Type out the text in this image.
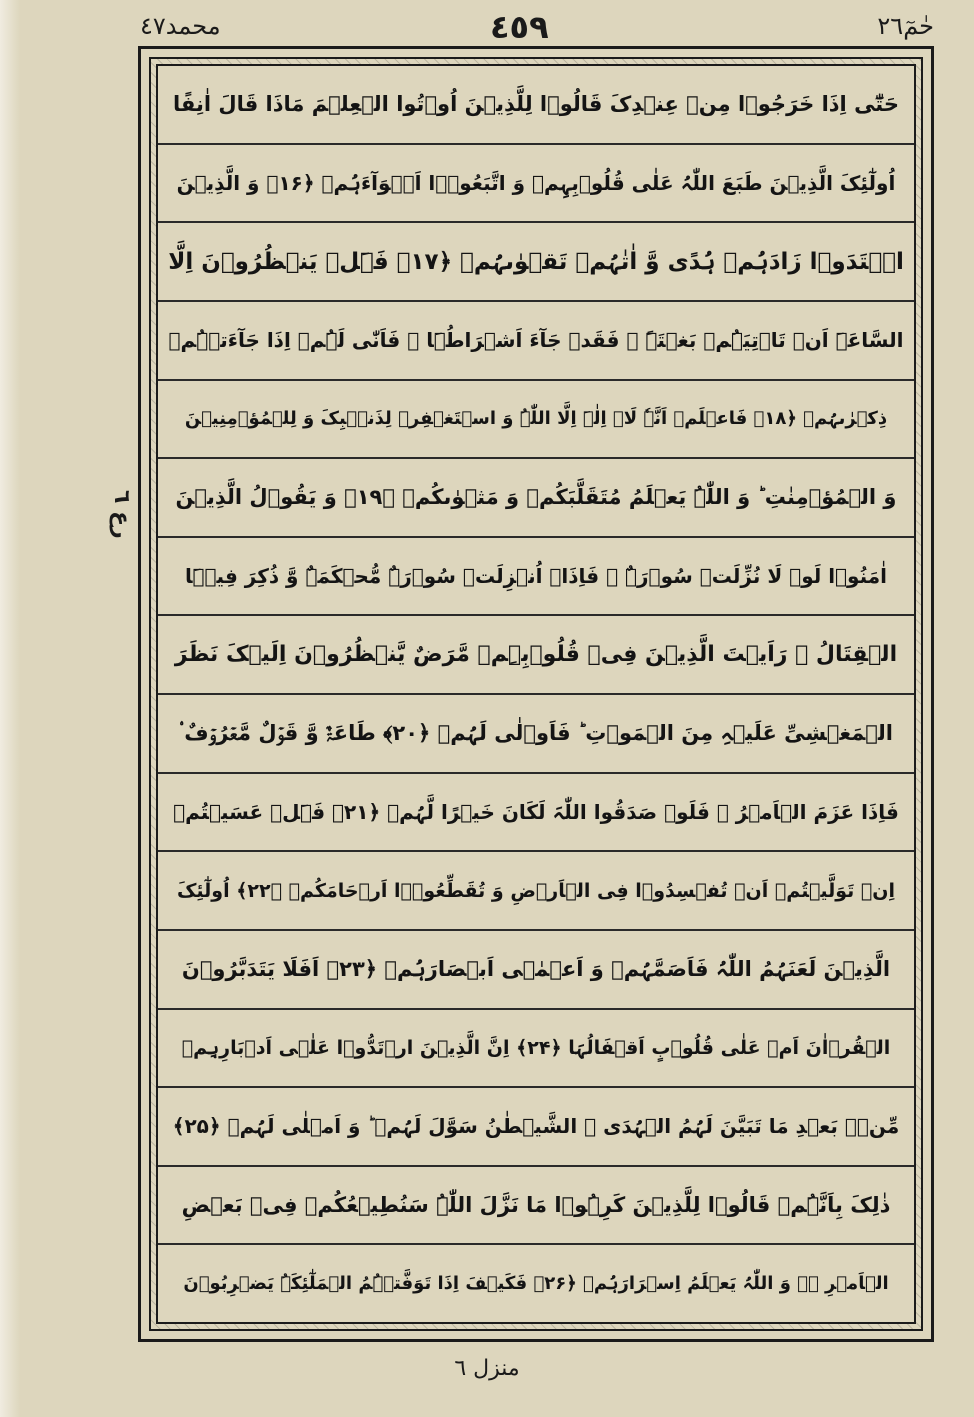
محمد٤٧	٤٥٩	حٰمٓ٢٦
رع ٦
حَتّٰٓی اِذَا خَرَجُوۡا مِنۡ عِنۡدِکَ قَالُوۡا لِلَّذِیۡنَ اُوۡتُوا الۡعِلۡمَ مَاذَا قَالَ اٰنِفًا
اُولٰٓئِکَ الَّذِیۡنَ طَبَعَ اللّٰہُ عَلٰی قُلُوۡبِہِمۡ وَ اتَّبَعُوۡۤا اَہۡوَآءَہُمۡ ﴿۱۶﴾ وَ الَّذِیۡنَ
اہۡتَدَوۡا زَادَہُمۡ ہُدًی وَّ اٰتٰہُمۡ تَقۡوٰىہُمۡ ﴿۱۷﴾ فَہَلۡ یَنۡظُرُوۡنَ اِلَّا
السَّاعَۃَ اَنۡ تَاۡتِیَہُمۡ بَغۡتَۃً ۚ فَقَدۡ جَآءَ اَشۡرَاطُہَا ۚ فَاَنّٰی لَہُمۡ اِذَا جَآءَتۡہُمۡ
ذِکۡرٰىہُمۡ ﴿۱۸﴾ فَاعۡلَمۡ اَنَّہٗ لَاۤ اِلٰہَ اِلَّا اللّٰہُ وَ اسۡتَغۡفِرۡ لِذَنۡۢبِکَ وَ لِلۡمُؤۡمِنِیۡنَ
وَ الۡمُؤۡمِنٰتِ ؕ وَ اللّٰہُ یَعۡلَمُ مُتَقَلَّبَکُمۡ وَ مَثۡوٰىکُمۡ ﴿۱۹﴾ وَ یَقُوۡلُ الَّذِیۡنَ
اٰمَنُوۡا لَوۡ لَا نُزِّلَتۡ سُوۡرَۃٌ ۚ فَاِذَاۤ اُنۡزِلَتۡ سُوۡرَۃٌ مُّحۡکَمَۃٌ وَّ ذُکِرَ فِیۡہَا
الۡقِتَالُ ۙ رَاَیۡتَ الَّذِیۡنَ فِیۡ قُلُوۡبِہِمۡ مَّرَضٌ یَّنۡظُرُوۡنَ اِلَیۡکَ نَظَرَ
الۡمَغۡشِیِّ عَلَیۡہِ مِنَ الۡمَوۡتِ ؕ فَاَوۡلٰی لَہُمۡ ﴿۲۰﴾ طَاعَۃٌ وَّ قَوۡلٌ مَّعۡرُوۡفٌ ۟
فَاِذَا عَزَمَ الۡاَمۡرُ ۟ فَلَوۡ صَدَقُوا اللّٰہَ لَکَانَ خَیۡرًا لَّہُمۡ ﴿۲۱﴾ فَہَلۡ عَسَیۡتُمۡ
اِنۡ تَوَلَّیۡتُمۡ اَنۡ تُفۡسِدُوۡا فِی الۡاَرۡضِ وَ تُقَطِّعُوۡۤا اَرۡحَامَکُمۡ ﴿۲۲﴾ اُولٰٓئِکَ
الَّذِیۡنَ لَعَنَہُمُ اللّٰہُ فَاَصَمَّہُمۡ وَ اَعۡمٰۤی اَبۡصَارَہُمۡ ﴿۲۳﴾ اَفَلَا یَتَدَبَّرُوۡنَ
الۡقُرۡاٰنَ اَمۡ عَلٰی قُلُوۡبٍ اَقۡفَالُہَا ﴿۲۴﴾ اِنَّ الَّذِیۡنَ ارۡتَدُّوۡا عَلٰۤی اَدۡبَارِہِمۡ
مِّنۡۢ بَعۡدِ مَا تَبَیَّنَ لَہُمُ الۡہُدَی ۙ الشَّیۡطٰنُ سَوَّلَ لَہُمۡ ؕ وَ اَمۡلٰی لَہُمۡ ﴿۲۵﴾
ذٰلِکَ بِاَنَّہُمۡ قَالُوۡا لِلَّذِیۡنَ کَرِہُوۡا مَا نَزَّلَ اللّٰہُ سَنُطِیۡعُکُمۡ فِیۡ بَعۡضِ
الۡاَمۡرِ ۚۖ وَ اللّٰہُ یَعۡلَمُ اِسۡرَارَہُمۡ ﴿۲۶﴾ فَکَیۡفَ اِذَا تَوَفَّتۡہُمُ الۡمَلٰٓئِکَۃُ یَضۡرِبُوۡنَ
منزل ٦
